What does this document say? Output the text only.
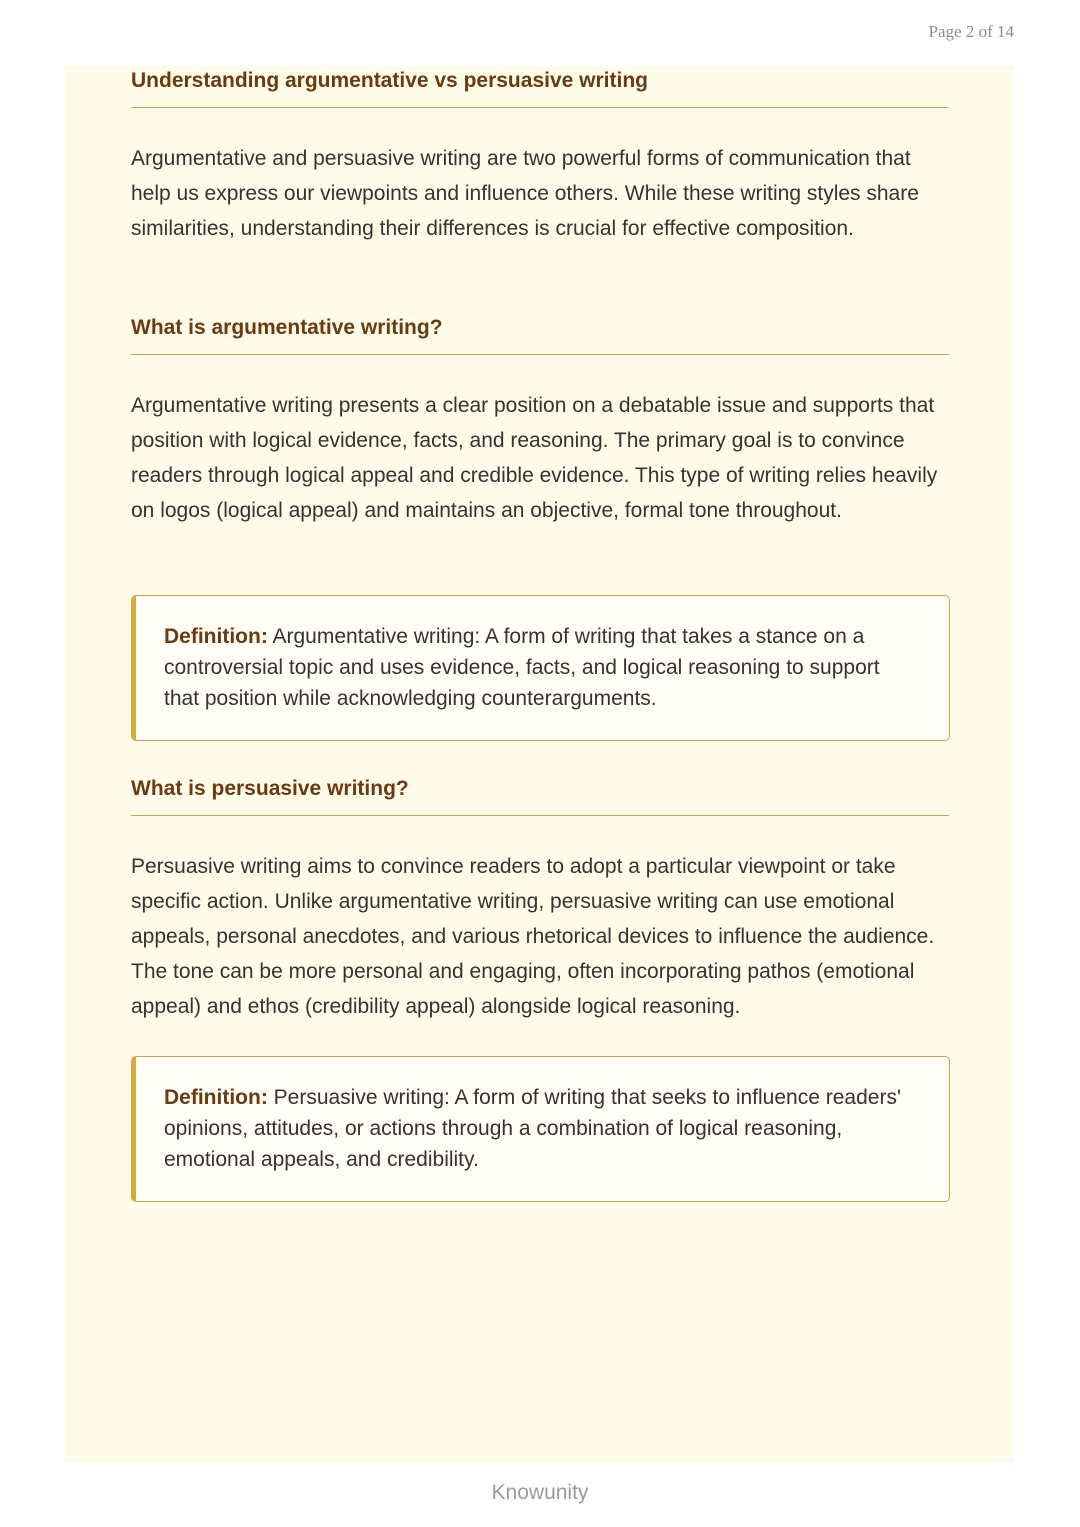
Page 2 of 14
Understanding argumentative vs persuasive writing

Argumentative and persuasive writing are two powerful forms of communication that help us express our viewpoints and influence others. While these writing styles share similarities, understanding their differences is crucial for effective composition.

What is argumentative writing?

Argumentative writing presents a clear position on a debatable issue and supports that position with logical evidence, facts, and reasoning. The primary goal is to convince readers through logical appeal and credible evidence. This type of writing relies heavily on logos (logical appeal) and maintains an objective, formal tone throughout.

Definition: Argumentative writing: A form of writing that takes a stance on a controversial topic and uses evidence, facts, and logical reasoning to support that position while acknowledging counterarguments.
What is persuasive writing?

Persuasive writing aims to convince readers to adopt a particular viewpoint or take specific action. Unlike argumentative writing, persuasive writing can use emotional appeals, personal anecdotes, and various rhetorical devices to influence the audience. The tone can be more personal and engaging, often incorporating pathos (emotional appeal) and ethos (credibility appeal) alongside logical reasoning.

Definition: Persuasive writing: A form of writing that seeks to influence readers' opinions, attitudes, or actions through a combination of logical reasoning, emotional appeals, and credibility.
Knowunity
